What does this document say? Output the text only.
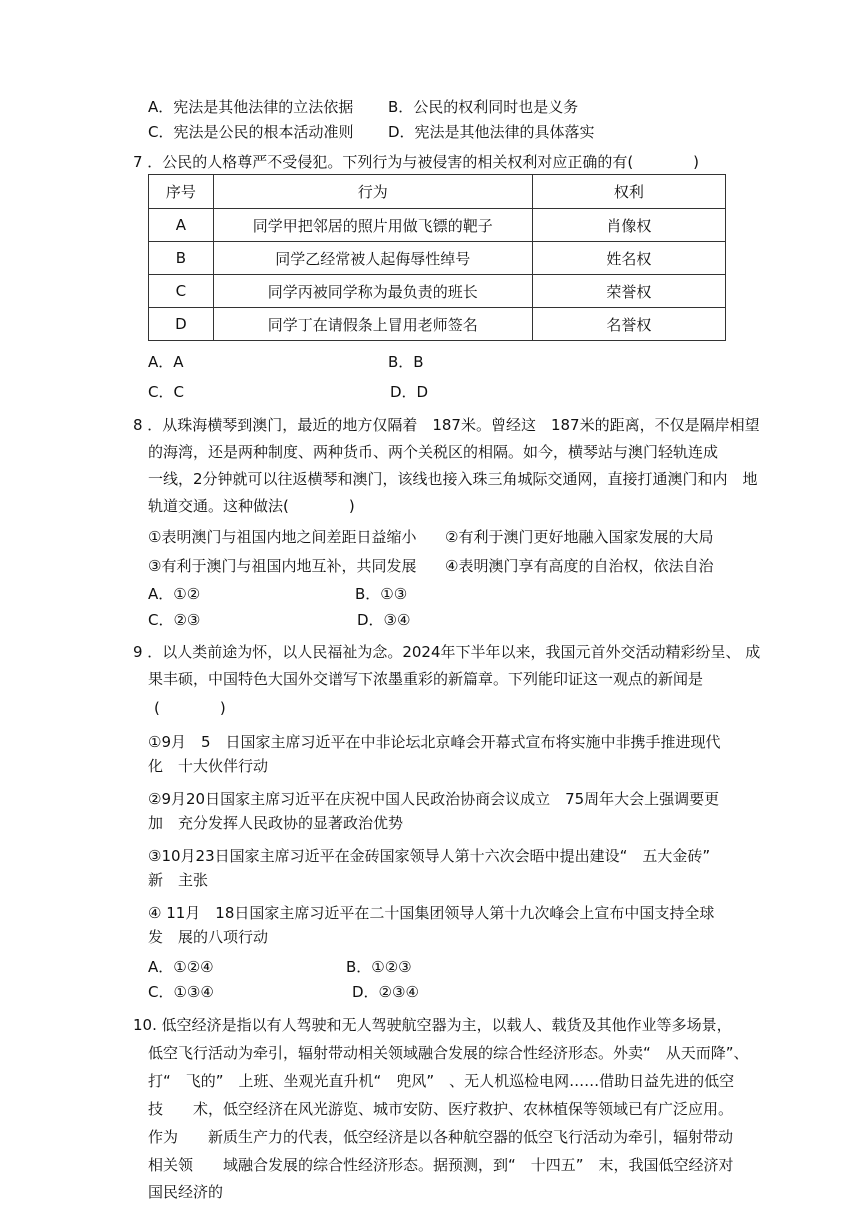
A．宪法是其他法律的立法依据 B．公民的权利同时也是义务
C．宪法是公民的根本活动准则 D．宪法是其他法律的具体落实
7 ．公民的人格尊严不受侵犯。下列行为与被侵害的相关权利对应正确的有(　　　　)
序号	行为	权利
A	同学甲把邻居的照片用做飞镖的靶子	肖像权
B	同学乙经常被人起侮辱性绰号	姓名权
C	同学丙被同学称为最负责的班长	荣誉权
D	同学丁在请假条上冒用老师签名	名誉权
A．A	B．B
C．C	D．D
8 ．从珠海横琴到澳门，最近的地方仅隔着　187米。曾经这　187米的距离，不仅是隔岸相望
的海湾，还是两种制度、两种货币、两个关税区的相隔。如今，横琴站与澳门轻轨连成
一线，2分钟就可以往返横琴和澳门，该线也接入珠三角城际交通网，直接打通澳门和内　地
轨道交通。这种做法(　　　　)
①表明澳门与祖国内地之间差距日益缩小 ②有利于澳门更好地融入国家发展的大局
③有利于澳门与祖国内地互补，共同发展 ④表明澳门享有高度的自治权，依法自治
A．①②	B．①③
C．②③	D．③④
9 ．以人类前途为怀，以人民福祉为念。2024年下半年以来，我国元首外交活动精彩纷呈、 成
果丰硕，中国特色大国外交谱写下浓墨重彩的新篇章。下列能印证这一观点的新闻是
(　　　　)
①9月　5　日国家主席习近平在中非论坛北京峰会开幕式宣布将实施中非携手推进现代
化　十大伙伴行动
②9月20日国家主席习近平在庆祝中国人民政治协商会议成立　75周年大会上强调要更
加　充分发挥人民政协的显著政治优势
③10月23日国家主席习近平在金砖国家领导人第十六次会晤中提出建设“　五大金砖”
新　主张
④ 11月　18日国家主席习近平在二十国集团领导人第十九次峰会上宣布中国支持全球
发　展的八项行动
A．①②④	B．①②③
C．①③④	D．②③④
10. 低空经济是指以有人驾驶和无人驾驶航空器为主，以载人、载货及其他作业等多场景，
低空飞行活动为牵引，辐射带动相关领域融合发展的综合性经济形态。外卖“　从天而降”、
打“　飞的”　上班、坐观光直升机“　兜风”　、无人机巡检电网……借助日益先进的低空
技　　术，低空经济在风光游览、城市安防、医疗救护、农林植保等领域已有广泛应用。
作为　　新质生产力的代表，低空经济是以各种航空器的低空飞行活动为牵引，辐射带动
相关领　　域融合发展的综合性经济形态。据预测，到“　十四五”　末，我国低空经济对
国民经济的
